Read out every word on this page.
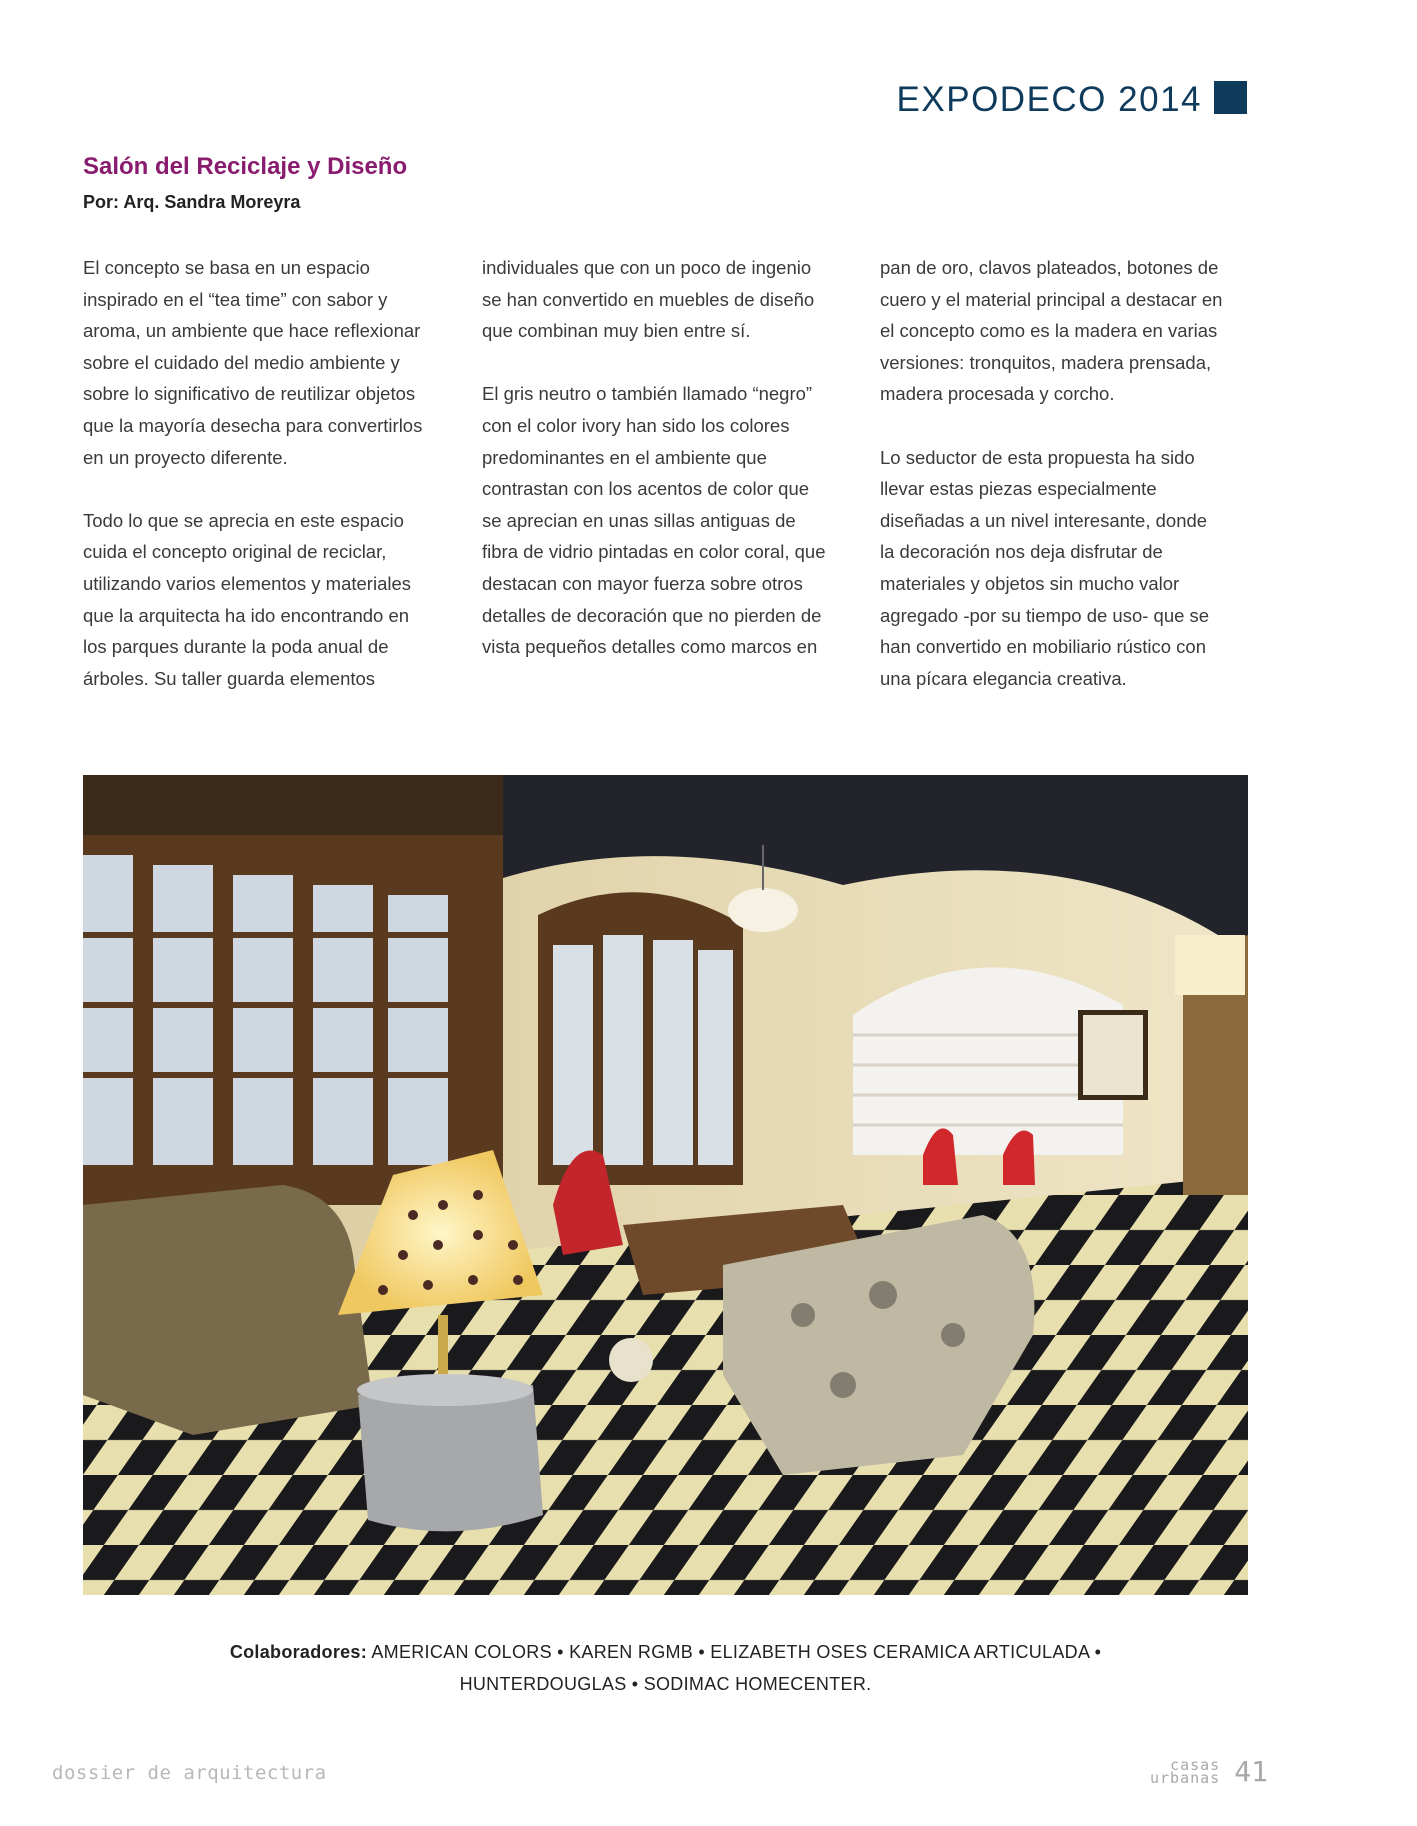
EXPODECO 2014
Salón del Reciclaje y Diseño
Por: Arq. Sandra Moreyra

El concepto se basa en un espacio inspirado en el “tea time” con sabor y aroma, un ambiente que hace reflexionar sobre el cuidado del medio ambiente y sobre lo significativo de reutilizar objetos que la mayoría desecha para convertirlos en un proyecto diferente.

Todo lo que se aprecia en este espacio cuida el concepto original de reciclar, utilizando varios elementos y materiales que la arquitecta ha ido encontrando en los parques durante la poda anual de árboles. Su taller guarda elementos

individuales que con un poco de ingenio se han convertido en muebles de diseño que combinan muy bien entre sí.

El gris neutro o también llamado “negro” con el color ivory han sido los colores predominantes en el ambiente que contrastan con los acentos de color que se aprecian en unas sillas antiguas de fibra de vidrio pintadas en color coral, que destacan con mayor fuerza sobre otros detalles de decoración que no pierden de vista pequeños detalles como marcos en

pan de oro, clavos plateados, botones de cuero y el material principal a destacar en el concepto como es la madera en varias versiones: tronquitos, madera prensada, madera procesada y corcho.

Lo seductor de esta propuesta ha sido llevar estas piezas especialmente diseñadas a un nivel interesante, donde la decoración nos deja disfrutar de materiales y objetos sin mucho valor agregado -por su tiempo de uso- que se han convertido en mobiliario rústico con una pícara elegancia creativa.

Colaboradores: AMERICAN COLORS • KAREN RGMB • ELIZABETH OSES CERAMICA ARTICULADA •
HUNTERDOUGLAS • SODIMAC HOMECENTER.
dossier de arquitectura	casas
urbanas 41
